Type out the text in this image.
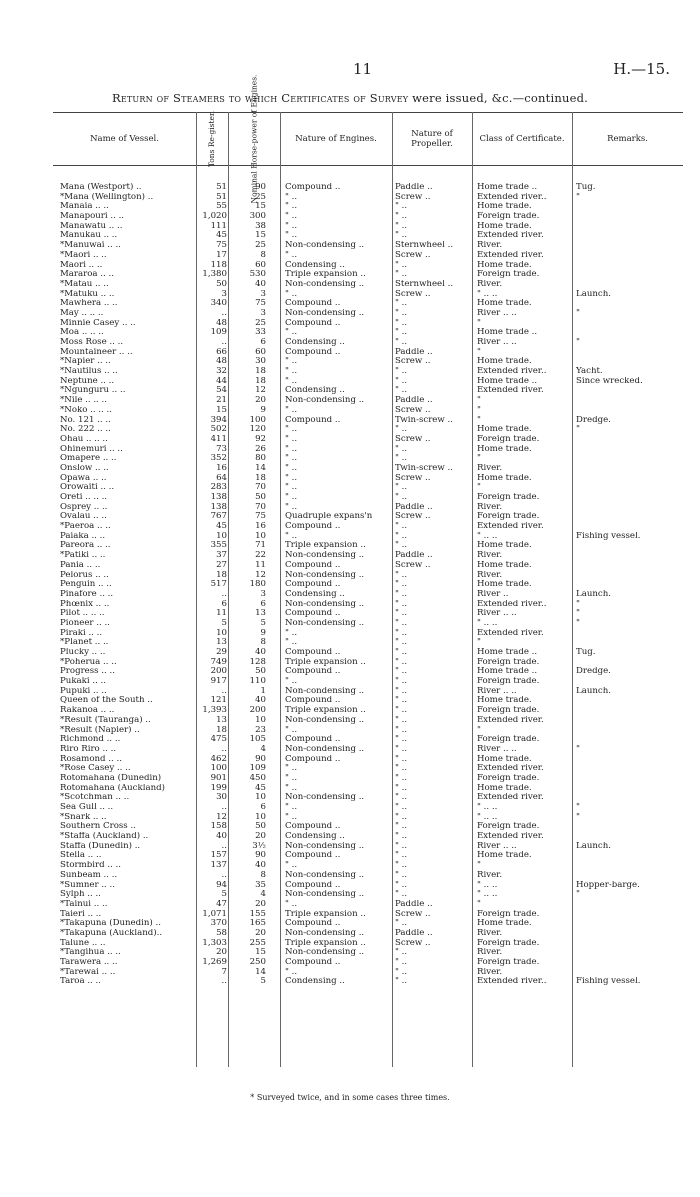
11	H.—15.
Return of Steamers to which Certificates of Survey were issued, &c.—continued.
Name of Vessel.	Tons Re-gister.	Nominal Horse-power of Engines.	Nature of Engines.	Nature of Propeller.	Class of Certificate.	Remarks.
Mana (Westport) ..	51	90 Compound ..	Paddle ..	Home trade ..	Tug.
*Mana (Wellington) ..	51	25 " ..	Screw ..	Extended river..	"
Manaia .. ..	55	15 " ..	" ..	Home trade.
Manapouri .. ..	1,020	300 " ..	" ..	Foreign trade.
Manawatu .. ..	111	38 " ..	" ..	Home trade.
Manukau .. ..	45	15 " ..	" ..	Extended river.
*Manuwai .. ..	75	25 Non-condensing ..	Sternwheel ..	River.
*Maori .. ..	17	8 " ..	Screw ..	Extended river.
Maori .. ..	118	60 Condensing ..	" ..	Home trade.
Mararoa .. ..	1,380	530 Triple expansion ..	" ..	Foreign trade.
*Matau .. ..	50	40 Non-condensing ..	Sternwheel ..	River.
*Matuku .. ..	3	3 " ..	Screw ..	" .. ..	Launch.
Mawhera .. ..	340	75 Compound ..	" ..	Home trade.
May .. .. ..	..	3 Non-condensing ..	" ..	River .. ..	"
Minnie Casey .. ..	48	25 Compound ..	" ..	"
Moa .. .. ..	109	33 " ..	" ..	Home trade ..
Moss Rose .. ..	..	6 Condensing ..	" ..	River .. ..	"
Mountaineer .. ..	66	60 Compound ..	Paddle ..	"
*Napier .. ..	48	30 " ..	Screw ..	Home trade.
*Nautilus .. ..	32	18 " ..	" ..	Extended river..	Yacht.
Neptune .. ..	44	18 " ..	" ..	Home trade ..	Since wrecked.
*Ngunguru .. ..	54	12 Condensing ..	" ..	Extended river.
*Nile .. .. ..	21	20 Non-condensing ..	Paddle ..	"
*Noko .. .. ..	15	9 " ..	Screw ..	"
No. 121 .. ..	394	100 Compound ..	Twin-screw ..	"	Dredge.
No. 222 .. ..	502	120 " ..	" ..	Home trade.	"
Ohau .. .. ..	411	92 " ..	Screw ..	Foreign trade.
Ohinemuri .. ..	73	26 " ..	" ..	Home trade.
Omapere .. ..	352	80 " ..	" ..	"
Onslow .. ..	16	14 " ..	Twin-screw ..	River.
Opawa .. ..	64	18 " ..	Screw ..	Home trade.
Orowaiti .. ..	283	70 " ..	" ..	"
Oreti .. .. ..	138	50 " ..	" ..	Foreign trade.
Osprey .. ..	138	70 " ..	Paddle ..	River.
Ovalau .. ..	767	75 Quadruple expans'n	Screw ..	Foreign trade.
*Paeroa .. ..	45	16 Compound ..	" ..	Extended river.
Paiaka .. ..	10	10 " ..	" ..	" .. ..	Fishing vessel.
Pareora .. ..	355	71 Triple expansion ..	" ..	Home trade.
*Patiki .. ..	37	22 Non-condensing ..	Paddle ..	River.
Pania .. ..	27	11 Compound ..	Screw ..	Home trade.
Pelorus .. ..	18	12 Non-condensing ..	" ..	River.
Penguin .. ..	517	180 Compound ..	" ..	Home trade.
Pinafore .. ..	..	3 Condensing ..	" ..	River ..	Launch.
Phœnix .. ..	6	6 Non-condensing ..	" ..	Extended river..	"
Pilot .. .. ..	11	13 Compound ..	" ..	River .. ..	"
Pioneer .. ..	5	5 Non-condensing ..	" ..	" .. ..	"
Piraki .. ..	10	9 " ..	" ..	Extended river.
*Planet .. ..	13	8 " ..	" ..	"
Plucky .. ..	29	40 Compound ..	" ..	Home trade ..	Tug.
*Poherua .. ..	749	128 Triple expansion ..	" ..	Foreign trade.
Progress .. ..	200	50 Compound ..	" ..	Home trade ..	Dredge.
Pukaki .. ..	917	110 " ..	" ..	Foreign trade.
Pupuki .. ..	..	1 Non-condensing ..	" ..	River .. ..	Launch.
Queen of the South ..	121	40 Compound ..	" ..	Home trade.
Rakanoa .. ..	1,393	200 Triple expansion ..	" ..	Foreign trade.
*Result (Tauranga) ..	13	10 Non-condensing ..	" ..	Extended river.
*Result (Napier) ..	18	23 " ..	" ..	"
Richmond .. ..	475	105 Compound ..	" ..	Foreign trade.
Riro Riro .. ..	..	4 Non-condensing ..	" ..	River .. ..	"
Rosamond .. ..	462	90 Compound ..	" ..	Home trade.
*Rose Casey .. ..	100	109 " ..	" ..	Extended river.
Rotomahana (Dunedin)	901	450 " ..	" ..	Foreign trade.
Rotomahana (Auckland)	199	45 " ..	" ..	Home trade.
*Scotchman .. ..	30	10 Non-condensing ..	" ..	Extended river.
Sea Gull .. ..	..	6 " ..	" ..	" .. ..	"
*Snark .. ..	12	10 " ..	" ..	" .. ..	"
Southern Cross ..	158	50 Compound ..	" ..	Foreign trade.
*Staffa (Auckland) ..	40	20 Condensing ..	" ..	Extended river.
Staffa (Dunedin) ..	..	3½ Non-condensing ..	" ..	River .. ..	Launch.
Stella .. ..	157	90 Compound ..	" ..	Home trade.
Stormbird .. ..	137	40 " ..	" ..	"
Sunbeam .. ..	..	8 Non-condensing ..	" ..	River.
*Sumner .. ..	94	35 Compound ..	" ..	" .. ..	Hopper-barge.
Sylph .. ..	5	4 Non-condensing ..	" ..	" .. ..	"
*Tainui .. ..	47	20 " ..	Paddle ..	"
Taieri .. ..	1,071	155 Triple expansion ..	Screw ..	Foreign trade.
*Takapuna (Dunedin) ..	370	165 Compound ..	" ..	Home trade.
*Takapuna (Auckland)..	58	20 Non-condensing ..	Paddle ..	River.
Talune .. ..	1,303	255 Triple expansion ..	Screw ..	Foreign trade.
*Tangihua .. ..	20	15 Non-condensing ..	" ..	River.
Tarawera .. ..	1,269	250 Compound ..	" ..	Foreign trade.
*Tarewai .. ..	7	14 " ..	" ..	River.
Taroa .. ..	..	5 Condensing ..	" ..	Extended river..	Fishing vessel.
* Surveyed twice, and in some cases three times.
